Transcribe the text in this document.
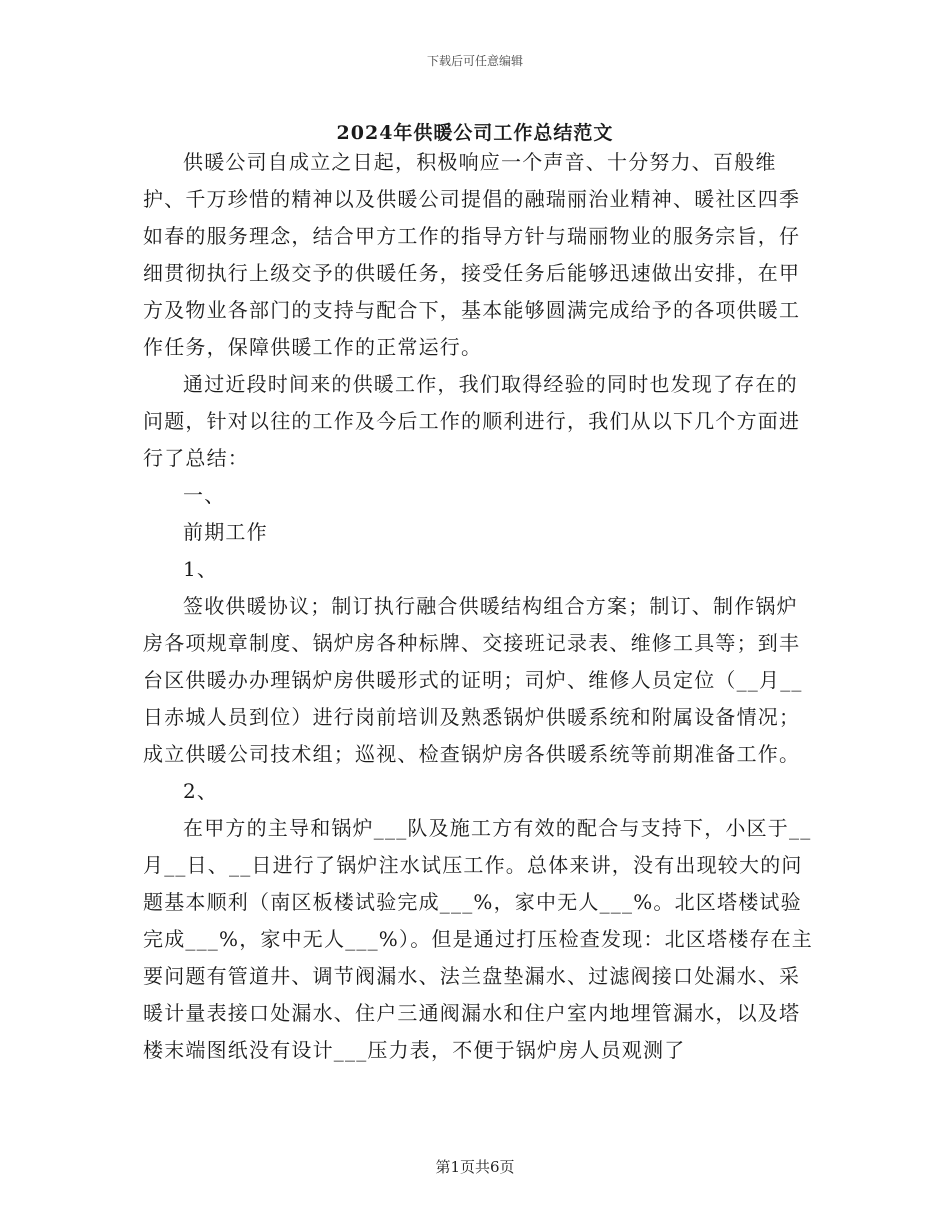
下载后可任意编辑
2024年供暖公司工作总结范文

供暖公司自成立之日起，积极响应一个声音、十分努力、百般维护、千万珍惜的精神以及供暖公司提倡的融瑞丽治业精神、暖社区四季如春的服务理念，结合甲方工作的指导方针与瑞丽物业的服务宗旨，仔细贯彻执行上级交予的供暖任务，接受任务后能够迅速做出安排，在甲方及物业各部门的支持与配合下，基本能够圆满完成给予的各项供暖工作任务，保障供暖工作的正常运行。

通过近段时间来的供暖工作，我们取得经验的同时也发现了存在的问题，针对以往的工作及今后工作的顺利进行，我们从以下几个方面进行了总结：

一、

前期工作

1、

签收供暖协议；制订执行融合供暖结构组合方案；制订、制作锅炉房各项规章制度、锅炉房各种标牌、交接班记录表、维修工具等；到丰台区供暖办办理锅炉房供暖形式的证明；司炉、维修人员定位（__月__日赤城人员到位）进行岗前培训及熟悉锅炉供暖系统和附属设备情况；成立供暖公司技术组；巡视、检查锅炉房各供暖系统等前期准备工作。

2、

在甲方的主导和锅炉___队及施工方有效的配合与支持下，小区于__月__日、__日进行了锅炉注水试压工作。总体来讲，没有出现较大的问题基本顺利（南区板楼试验完成___%，家中无人___%。北区塔楼试验完成___%，家中无人___%）。但是通过打压检查发现：北区塔楼存在主要问题有管道井、调节阀漏水、法兰盘垫漏水、过滤阀接口处漏水、采暖计量表接口处漏水、住户三通阀漏水和住户室内地埋管漏水，以及塔楼末端图纸没有设计___压力表，不便于锅炉房人员观测了

第1页共6页
